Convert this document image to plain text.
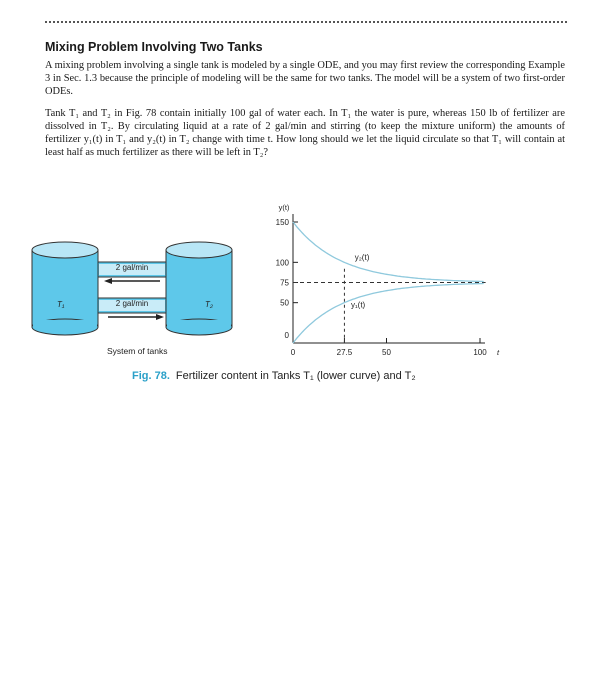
Mixing Problem Involving Two Tanks
A mixing problem involving a single tank is modeled by a single ODE, and you may first review the corresponding Example 3 in Sec. 1.3 because the principle of modeling will be the same for two tanks. The model will be a system of two first-order ODEs.
Tank T₁ and T₂ in Fig. 78 contain initially 100 gal of water each. In T₁ the water is pure, whereas 150 lb of fertilizer are dissolved in T₂. By circulating liquid at a rate of 2 gal/min and stirring (to keep the mixture uniform) the amounts of fertilizer y₁(t) in T₁ and y₂(t) in T₂ change with time t. How long should we let the liquid circulate so that T₁ will contain at least half as much fertilizer as there will be left in T₂?
2 gal/min
2 gal/min
T₁	T₂
System of tanks
y(t)
t
0
50
75
100
150
0	27.5	50	100
y₂(t)
y₁(t)
Fig. 78. Fertilizer content in Tanks T₁ (lower curve) and T₂
